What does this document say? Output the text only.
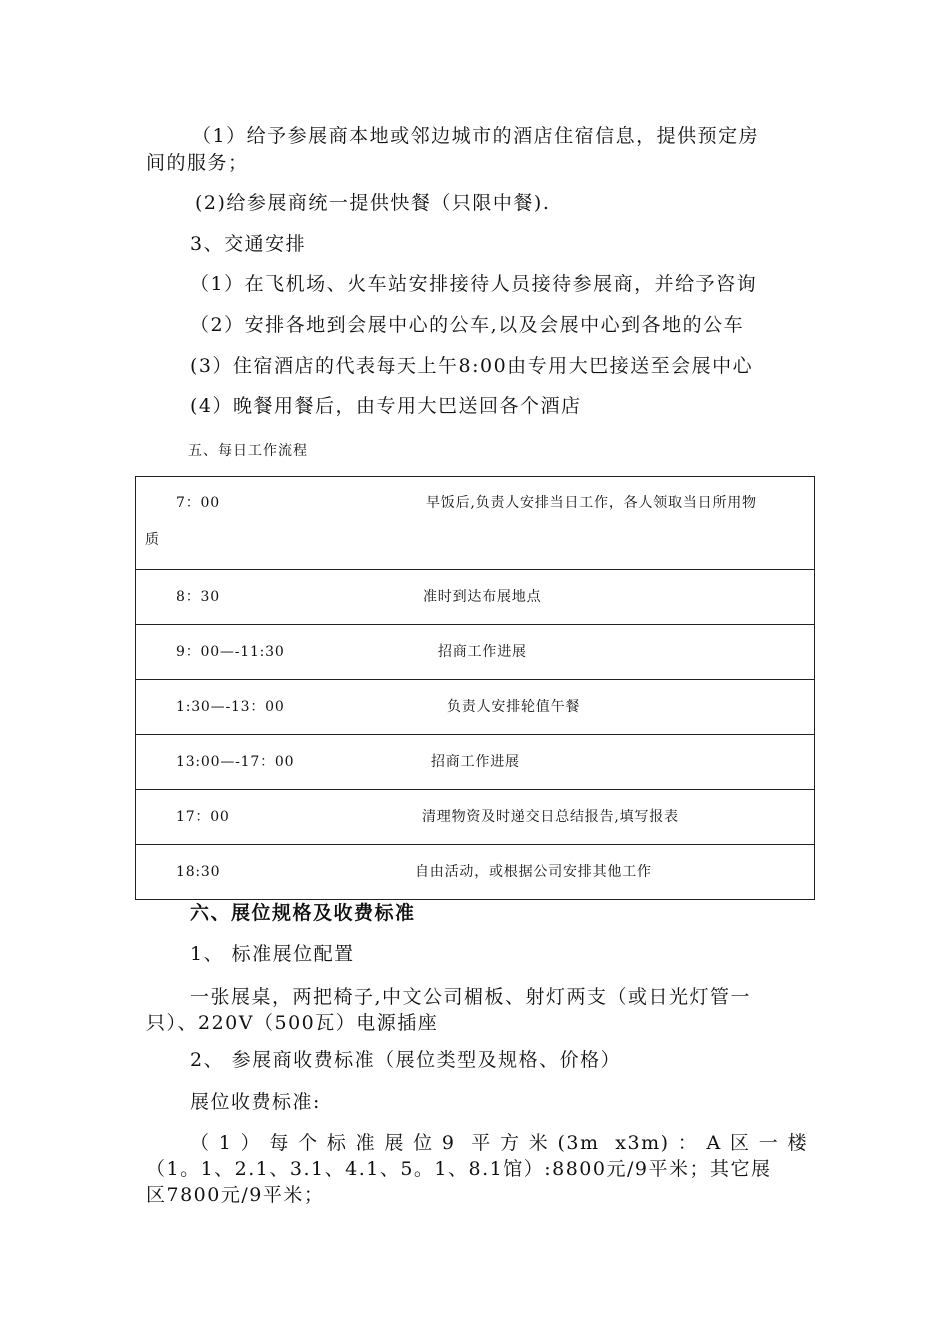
（1）给予参展商本地或邻边城市的酒店住宿信息，提供预定房
间的服务；
(2)给参展商统一提供快餐（只限中餐).
3、交通安排
（1）在飞机场、火车站安排接待人员接待参展商，并给予咨询
（2）安排各地到会展中心的公车,以及会展中心到各地的公车
(3）住宿酒店的代表每天上午8:00由专用大巴接送至会展中心
(4）晚餐用餐后，由专用大巴送回各个酒店
五、每日工作流程
7：00	早饭后,负责人安排当日工作，各人领取当日所用物
质

8：30	准时到达布展地点

9：00—-11:30	招商工作进展

1:30—-13：00	负责人安排轮值午餐

13:00—-17：00	招商工作进展

17：00	清理物资及时递交日总结报告,填写报表

18:30	自由活动，或根据公司安排其他工作
六、展位规格及收费标准
1、 标准展位配置
一张展桌，两把椅子,中文公司楣板、射灯两支（或日光灯管一
只）、220V（500瓦）电源插座
2、 参展商收费标准（展位类型及规格、价格）
展位收费标准:
（1）每个标准展位9 平方米(3m x3m)：A区一楼
（1。1、2.1、3.1、4.1、5。1、8.1馆）:8800元/9平米；其它展
区7800元/9平米；
